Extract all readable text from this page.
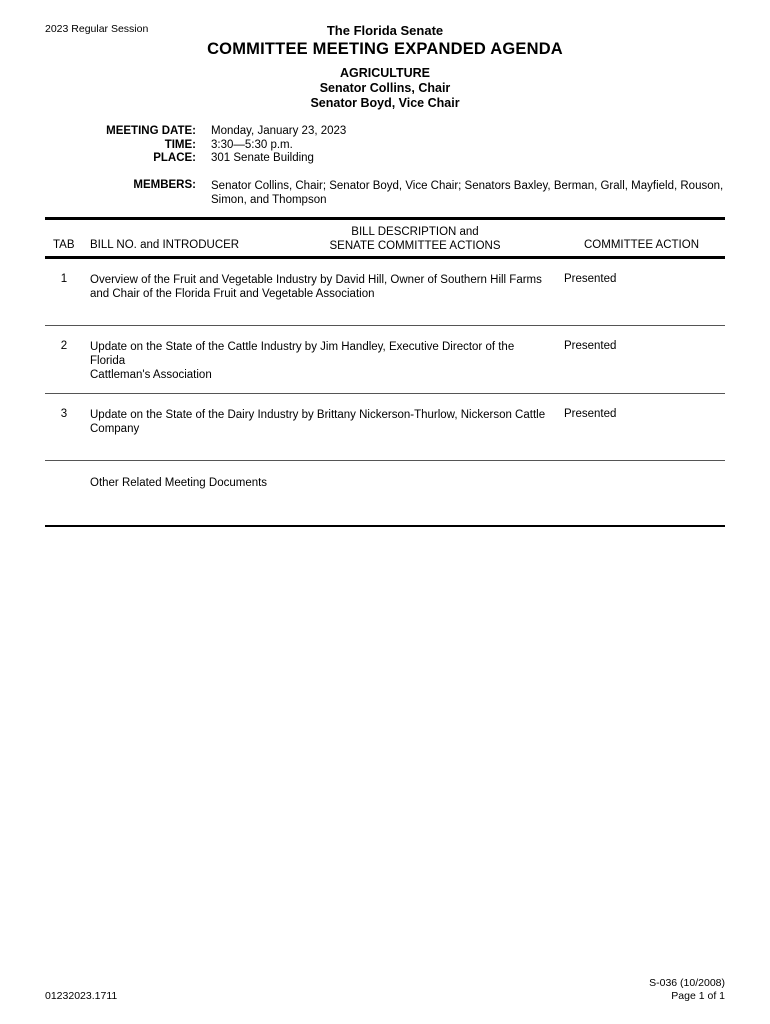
2023 Regular Session	The Florida Senate
COMMITTEE MEETING EXPANDED AGENDA
AGRICULTURE
Senator Collins, Chair
Senator Boyd, Vice Chair
MEETING DATE: Monday, January 23, 2023
TIME: 3:30—5:30 p.m.
PLACE: 301 Senate Building
MEMBERS: Senator Collins, Chair; Senator Boyd, Vice Chair; Senators Baxley, Berman, Grall, Mayfield, Rouson,
Simon, and Thompson
TAB BILL NO. and INTRODUCER
BILL DESCRIPTION and
SENATE COMMITTEE ACTIONS	COMMITTEE ACTION
1	Overview of the Fruit and Vegetable Industry by David Hill, Owner of Southern Hill Farms
and Chair of the Florida Fruit and Vegetable Association
Presented
2	Update on the State of the Cattle Industry by Jim Handley, Executive Director of the Florida
Cattleman's Association
Presented
3	Update on the State of the Dairy Industry by Brittany Nickerson-Thurlow, Nickerson Cattle
Company
Presented
Other Related Meeting Documents
01232023.1711
S-036 (10/2008)
Page 1 of 1
